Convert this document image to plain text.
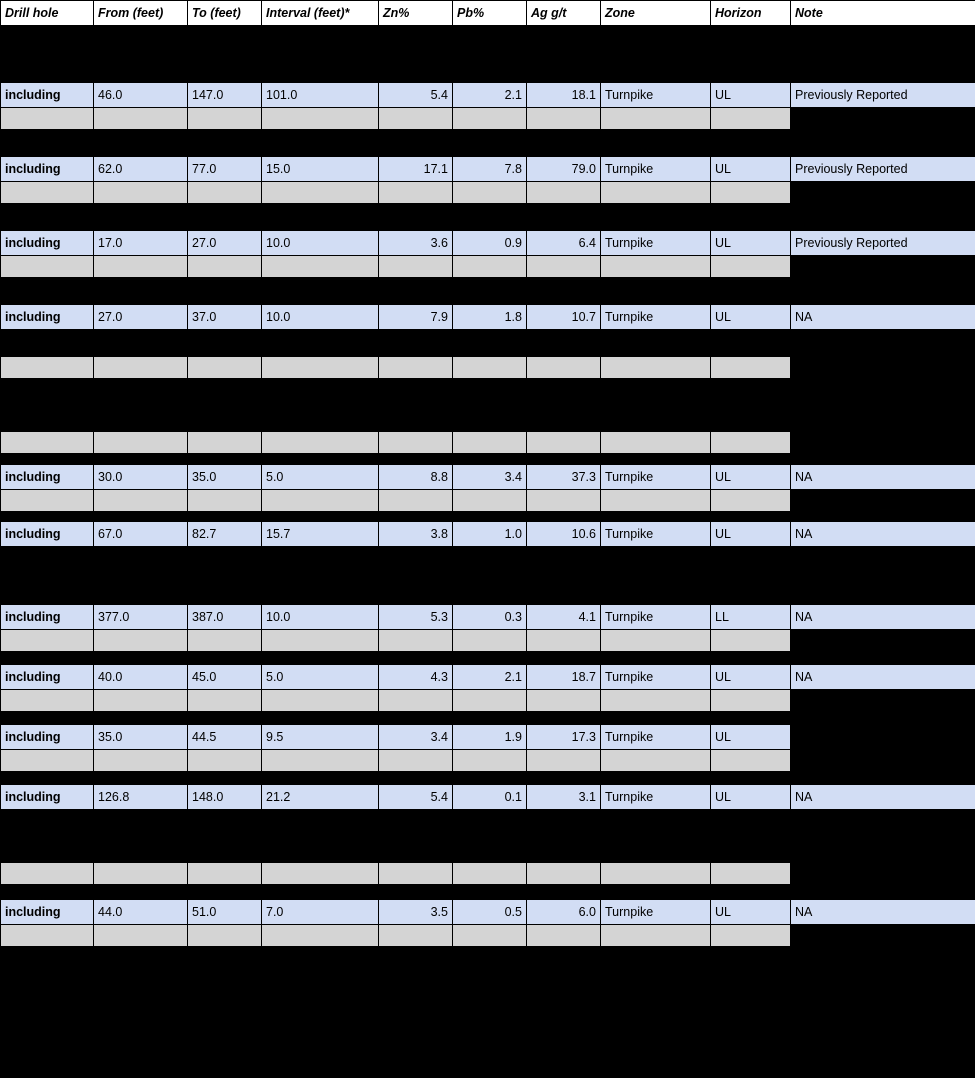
Drill hole	From (feet)	To (feet)	Interval (feet)*	Zn%	Pb%	Ag g/t	Zone	Horizon	Note

including	46.0	147.0	101.0	5.4	2.1	18.1	Turnpike	UL	Previously Reported

including	62.0	77.0	15.0	17.1	7.8	79.0	Turnpike	UL	Previously Reported

including	17.0	27.0	10.0	3.6	0.9	6.4	Turnpike	UL	Previously Reported

including	27.0	37.0	10.0	7.9	1.8	10.7	Turnpike	UL	NA

including	30.0	35.0	5.0	8.8	3.4	37.3	Turnpike	UL	NA

including	67.0	82.7	15.7	3.8	1.0	10.6	Turnpike	UL	NA

including	377.0	387.0	10.0	5.3	0.3	4.1	Turnpike	LL	NA

including	40.0	45.0	5.0	4.3	2.1	18.7	Turnpike	UL	NA

including	35.0	44.5	9.5	3.4	1.9	17.3	Turnpike	UL	

including	126.8	148.0	21.2	5.4	0.1	3.1	Turnpike	UL	NA

including	44.0	51.0	7.0	3.5	0.5	6.0	Turnpike	UL	NA
